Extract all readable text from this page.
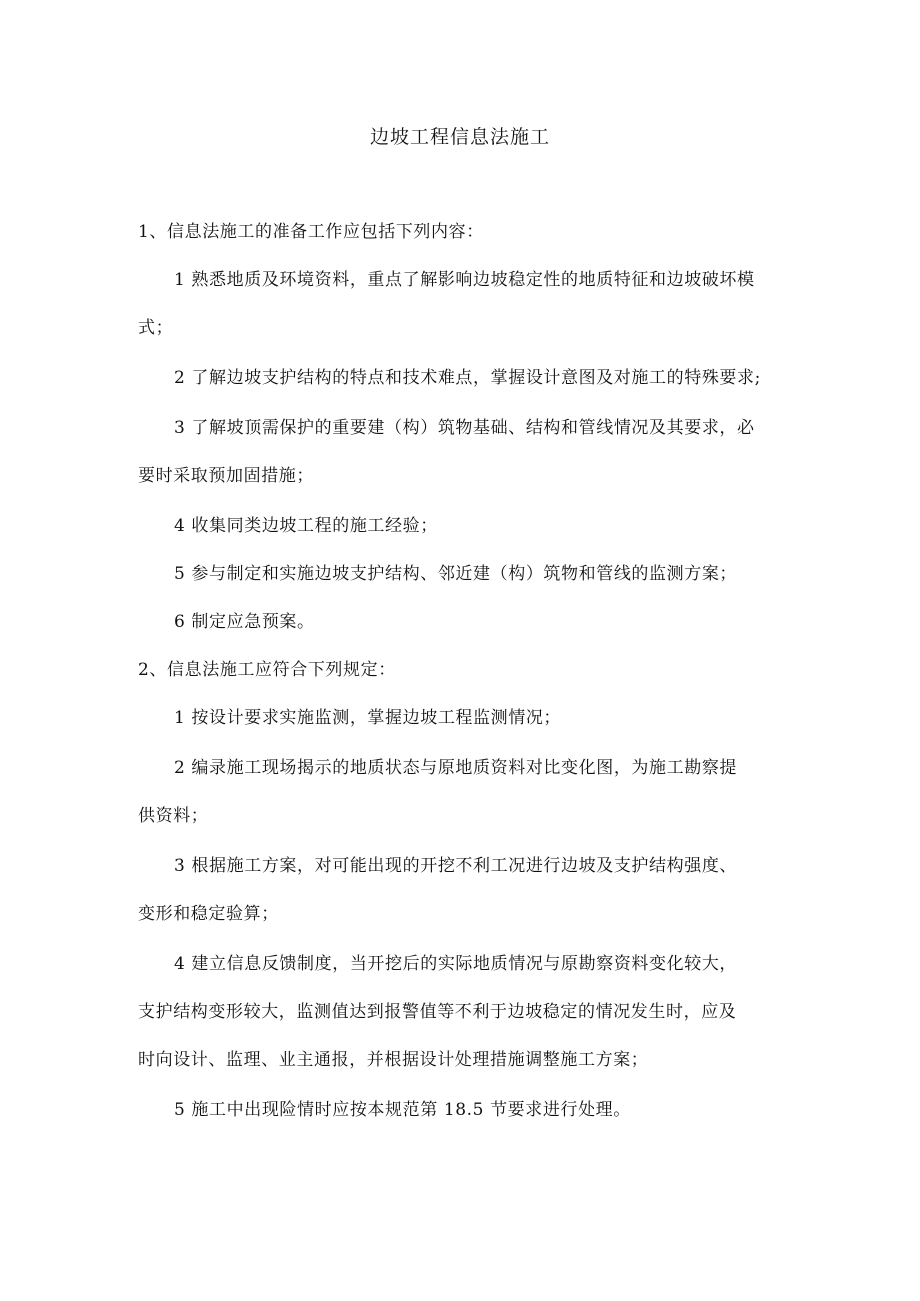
边坡工程信息法施工
1、信息法施工的准备工作应包括下列内容：
1 熟悉地质及环境资料，重点了解影响边坡稳定性的地质特征和边坡破坏模
式；
2 了解边坡支护结构的特点和技术难点，掌握设计意图及对施工的特殊要求;
3 了解坡顶需保护的重要建（构）筑物基础、结构和管线情况及其要求，必
要时采取预加固措施；
4 收集同类边坡工程的施工经验；
5 参与制定和实施边坡支护结构、邻近建（构）筑物和管线的监测方案；
6 制定应急预案。
2、信息法施工应符合下列规定：
1 按设计要求实施监测，掌握边坡工程监测情况；
2 编录施工现场揭示的地质状态与原地质资料对比变化图，为施工勘察提
供资料；
3 根据施工方案，对可能出现的开挖不利工况进行边坡及支护结构强度、
变形和稳定验算；
4 建立信息反馈制度，当开挖后的实际地质情况与原勘察资料变化较大，
支护结构变形较大，监测值达到报警值等不利于边坡稳定的情况发生时，应及
时向设计、监理、业主通报，并根据设计处理措施调整施工方案；
5 施工中出现险情时应按本规范第 18.5 节要求进行处理。
